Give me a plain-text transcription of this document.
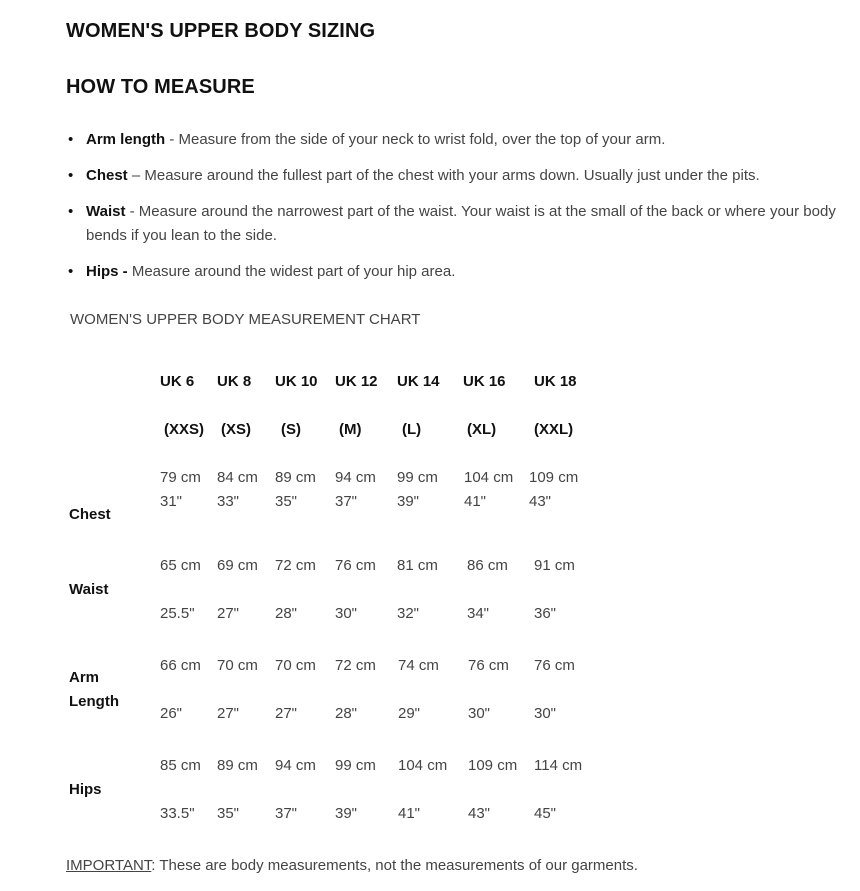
WOMEN'S UPPER BODY SIZING
HOW TO MEASURE
• Arm length - Measure from the side of your neck to wrist fold, over the top of your arm.
• Chest – Measure around the fullest part of the chest with your arms down. Usually just under the pits.
• Waist - Measure around the narrowest part of the waist. Your waist is at the small of the back or where your body bends if you lean to the side.
• Hips - Measure around the widest part of your hip area.
WOMEN'S UPPER BODY MEASUREMENT CHART
UK 6 UK 8 UK 10 UK 12 UK 14 UK 16 UK 18
(XXS) (XS) (S)	(M)	(L)	(XL)	(XXL)
Chest
79 cm 84 cm 89 cm 94 cm 99 cm 104 cm 109 cm
31" 33" 35"	37"	39"	41"	43"
Waist
65 cm 69 cm 72 cm 76 cm 81 cm 86 cm 91 cm
25.5" 27" 28"	30"	32"	34"	36"
Arm
Length
66 cm 70 cm 70 cm 72 cm 74 cm 76 cm 76 cm
26" 27" 27"	28"	29"	30"	30"
Hips
85 cm 89 cm 94 cm 99 cm 104 cm 109 cm 114 cm
33.5" 35" 37"	39"	41"	43"	45"
IMPORTANT: These are body measurements, not the measurements of our garments.
